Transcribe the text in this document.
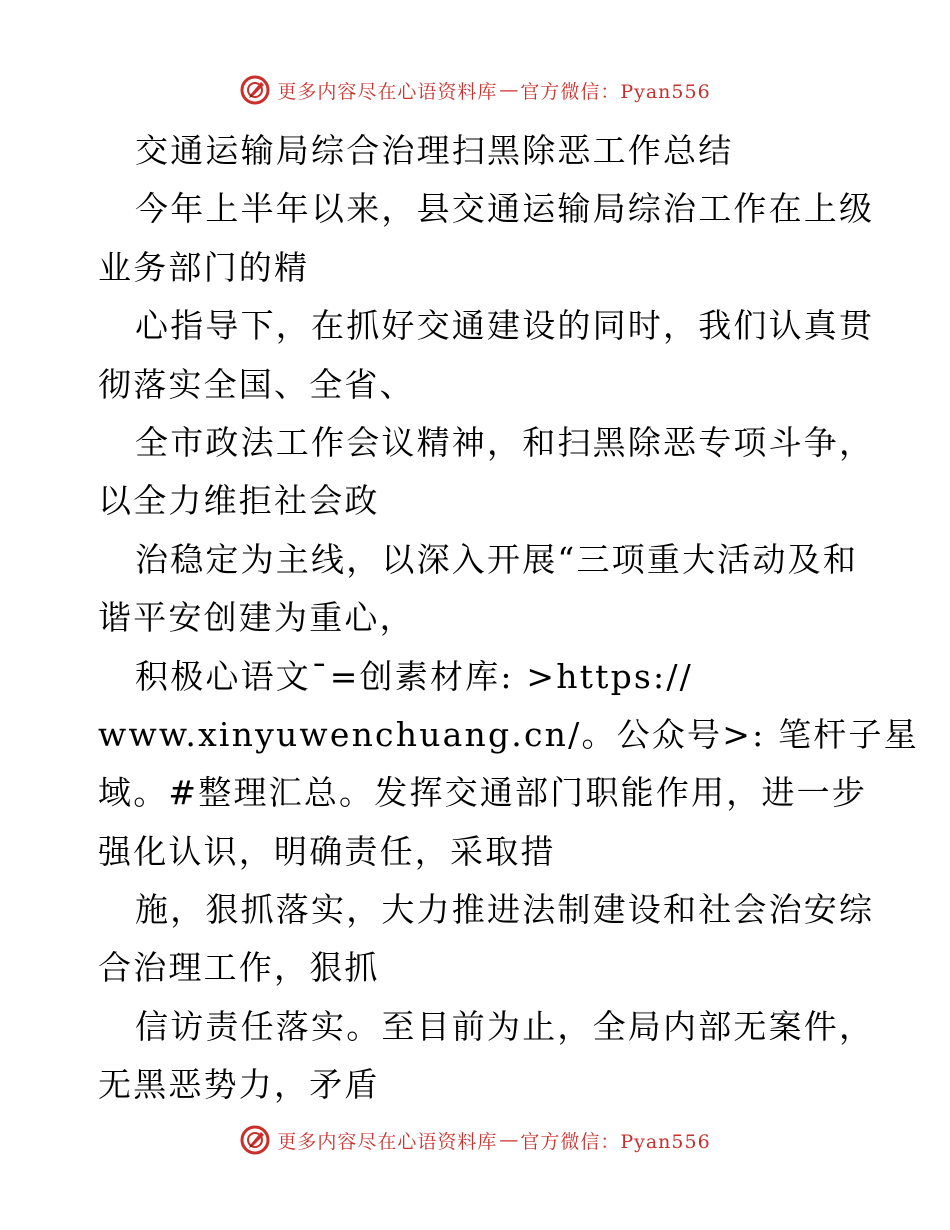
更多内容尽在心语资料库 — 官方微信：Pyan556
交通运输局综合治理扫黑除恶工作总结
今年上半年以来，县交通运输局综治工作在上级
业务部门的精
心指导下，在抓好交通建设的同时，我们认真贯
彻落实全国、全省、
全市政法工作会议精神，和扫黑除恶专项斗争，
以全力维拒社会政
治稳定为主线，以深入开展“三项重大活动及和
谐平安创建为重心，
积极心语文¯=创素材库: >https://
www.xinyuwenchuang.cn/。公众号>: 笔杆子星
域。#整理汇总。发挥交通部门职能作用，进一步
强化认识，明确责任，采取措
施，狠抓落实，大力推进法制建设和社会治安综
合治理工作，狠抓
信访责任落实。至目前为止，全局内部无案件，
无黑恶势力，矛盾
更多内容尽在心语资料库 — 官方微信：Pyan556
